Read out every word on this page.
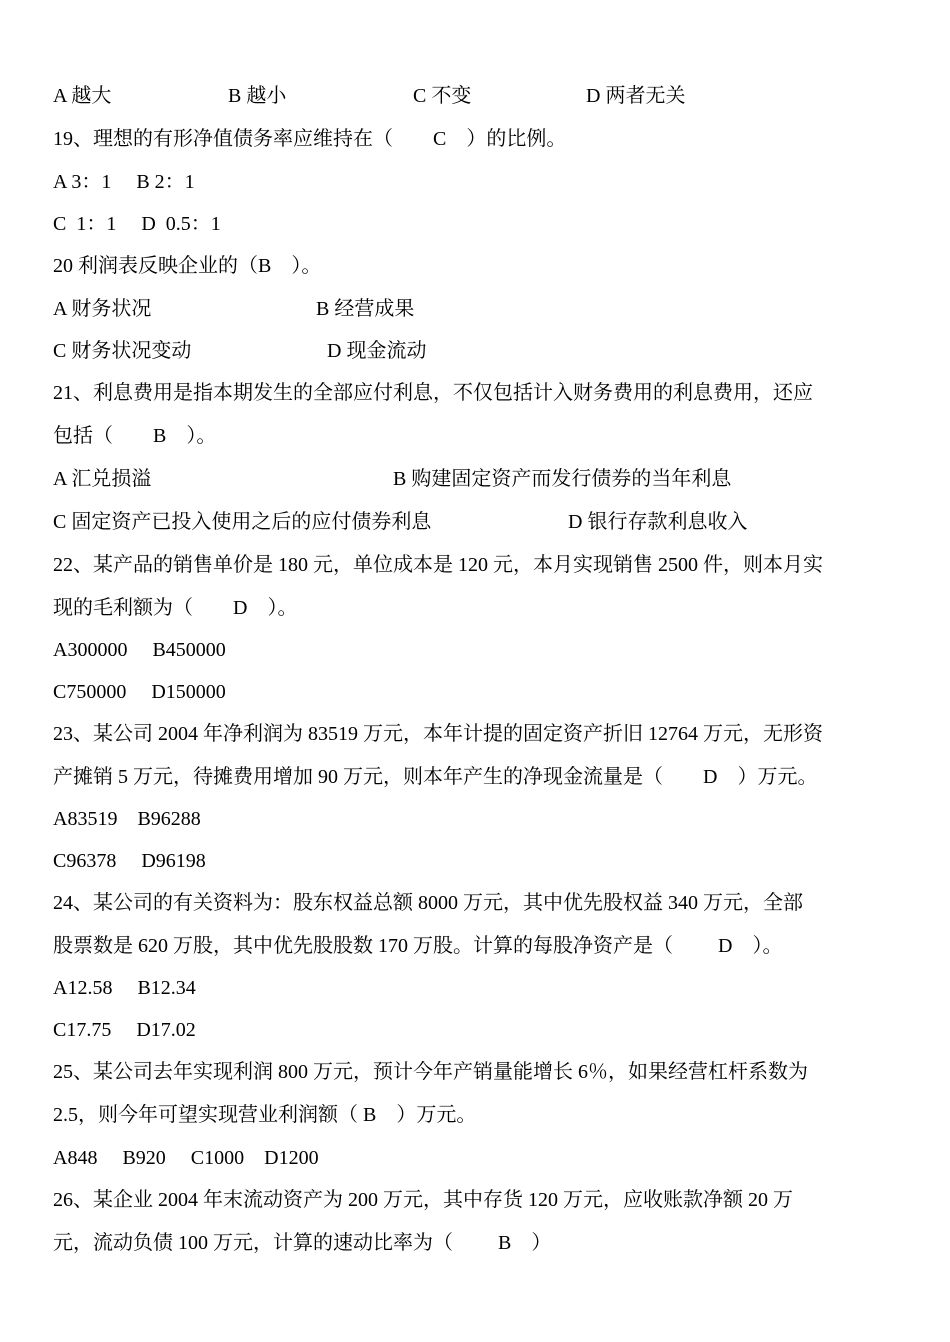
A 越大	B 越小	C 不变	D 两者无关

19、理想的有形净值债务率应维持在（　　C　）的比例。

A 3：1　 B 2：1

C  1：1　 D  0.5：1

20 利润表反映企业的（B　）。

A 财务状况	B 经营成果
C 财务状况变动	D 现金流动

21、利息费用是指本期发生的全部应付利息，不仅包括计入财务费用的利息费用，还应

包括（　　B　）。

A 汇兑损溢	B 购建固定资产而发行债券的当年利息
C 固定资产已投入使用之后的应付债券利息	D 银行存款利息收入

22、某产品的销售单价是 180 元，单位成本是 120 元，本月实现销售 2500 件，则本月实

现的毛利额为（　　D　）。

A300000　 B450000

C750000　 D150000

23、某公司 2004 年净利润为 83519 万元，本年计提的固定资产折旧 12764 万元，无形资

产摊销 5 万元，待摊费用增加 90 万元，则本年产生的净现金流量是（　　D　）万元。

A83519　B96288

C96378　 D96198

24、某公司的有关资料为：股东权益总额 8000 万元，其中优先股权益 340 万元，全部

股票数是 620 万股，其中优先股股数 170 万股。计算的每股净资产是（　　 D　）。

A12.58　 B12.34

C17.75　 D17.02

25、某公司去年实现利润 800 万元，预计今年产销量能增长 6％，如果经营杠杆系数为

2.5，则今年可望实现营业利润额（ B　）万元。

A848　 B920　 C1000　D1200

26、某企业 2004 年末流动资产为 200 万元，其中存货 120 万元，应收账款净额 20 万

元，流动负债 100 万元，计算的速动比率为（　　 B　）
